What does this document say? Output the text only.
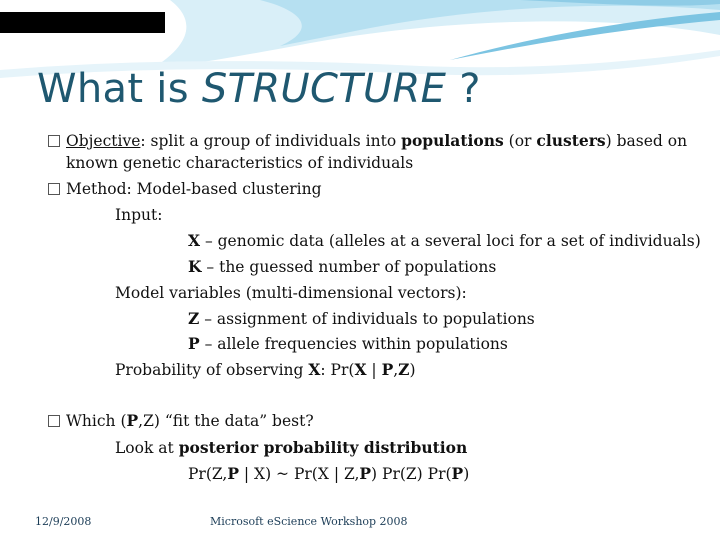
What is STRUCTURE ?
Objective: split a group of individuals into populations (or clusters) based on
known genetic characteristics of individuals
Method: Model-based clustering
Input:
X – genomic data (alleles at a several loci for a set of individuals)
K – the guessed number of populations
Model variables (multi-dimensional vectors):
Z – assignment of individuals to populations
P – allele frequencies within populations
Probability of observing X: Pr(X | P,Z)
Which (P,Z) “fit the data” best?
Look at posterior probability distribution
Pr(Z,P | X) ~ Pr(X | Z,P) Pr(Z) Pr(P)
12/9/2008	Microsoft eScience Workshop 2008
